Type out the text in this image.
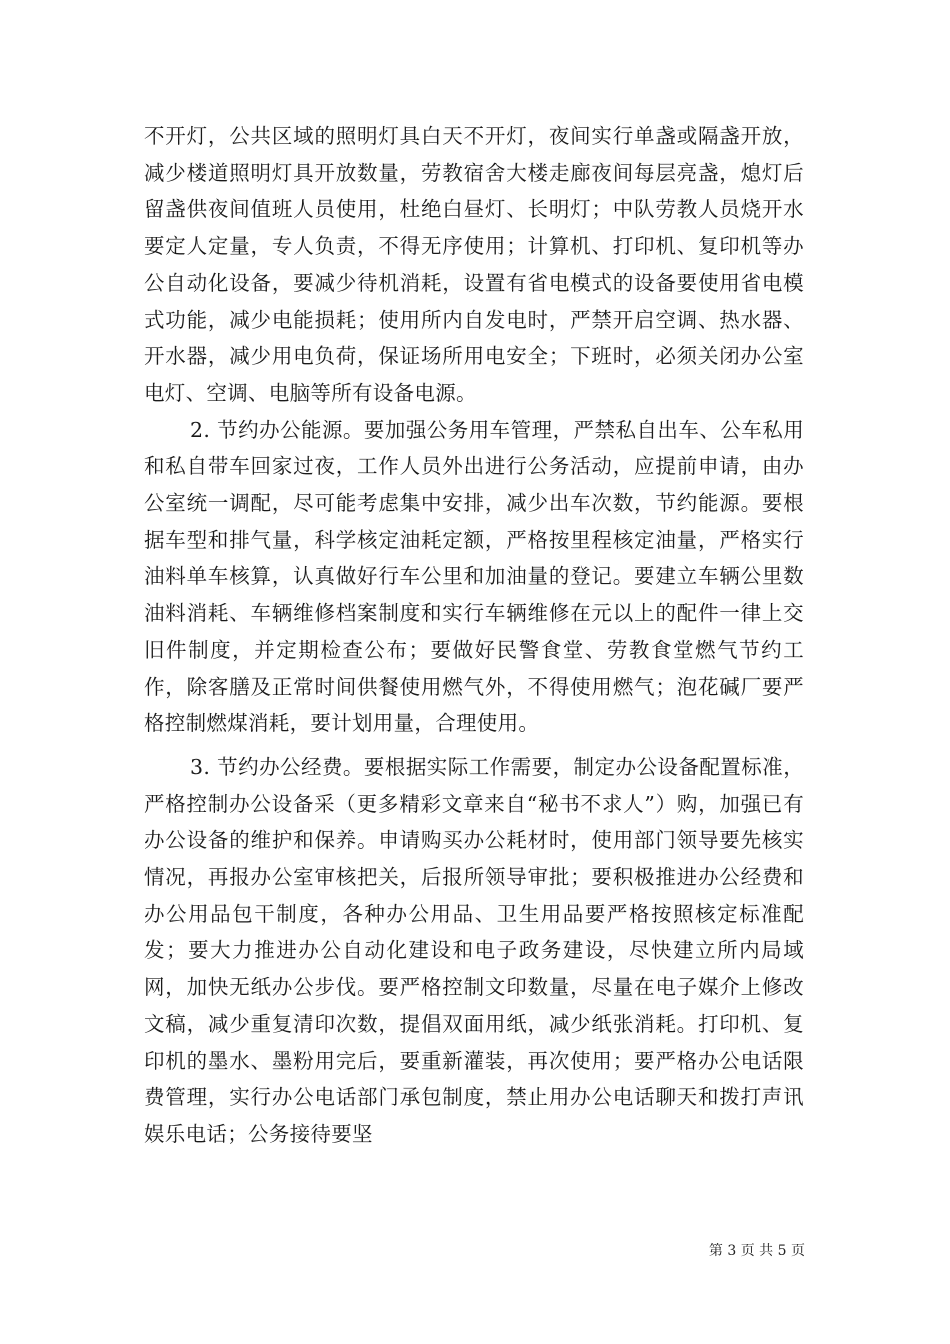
不开灯，公共区域的照明灯具白天不开灯，夜间实行单盏或隔盏开放，减少楼道照明灯具开放数量，劳教宿舍大楼走廊夜间每层亮盏，熄灯后留盏供夜间值班人员使用，杜绝白昼灯、长明灯；中队劳教人员烧开水要定人定量，专人负责，不得无序使用；计算机、打印机、复印机等办公自动化设备，要减少待机消耗，设置有省电模式的设备要使用省电模式功能，减少电能损耗；使用所内自发电时，严禁开启空调、热水器、开水器，减少用电负荷，保证场所用电安全；下班时，必须关闭办公室电灯、空调、电脑等所有设备电源。

2. 节约办公能源。要加强公务用车管理，严禁私自出车、公车私用和私自带车回家过夜，工作人员外出进行公务活动，应提前申请，由办公室统一调配，尽可能考虑集中安排，减少出车次数，节约能源。要根据车型和排气量，科学核定油耗定额，严格按里程核定油量，严格实行油料单车核算，认真做好行车公里和加油量的登记。要建立车辆公里数油料消耗、车辆维修档案制度和实行车辆维修在元以上的配件一律上交旧件制度，并定期检查公布；要做好民警食堂、劳教食堂燃气节约工作，除客膳及正常时间供餐使用燃气外，不得使用燃气；泡花碱厂要严格控制燃煤消耗，要计划用量，合理使用。

3. 节约办公经费。要根据实际工作需要，制定办公设备配置标准，严格控制办公设备采（更多精彩文章来自“秘书不求人”）购，加强已有办公设备的维护和保养。申请购买办公耗材时，使用部门领导要先核实情况，再报办公室审核把关，后报所领导审批；要积极推进办公经费和办公用品包干制度，各种办公用品、卫生用品要严格按照核定标准配发；要大力推进办公自动化建设和电子政务建设，尽快建立所内局域网，加快无纸办公步伐。要严格控制文印数量，尽量在电子媒介上修改文稿，减少重复清印次数，提倡双面用纸，减少纸张消耗。打印机、复印机的墨水、墨粉用完后，要重新灌装，再次使用；要严格办公电话限费管理，实行办公电话部门承包制度，禁止用办公电话聊天和拨打声讯娱乐电话；公务接待要坚

第 3 页 共 5 页
